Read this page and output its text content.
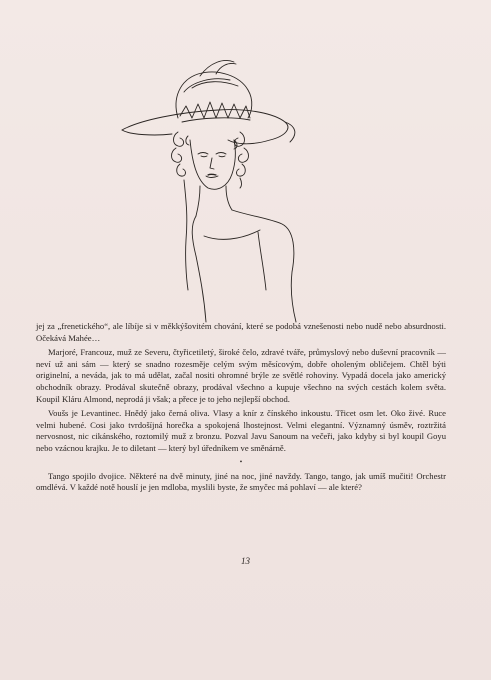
jej za „frenetického“, ale líbíje si v měkkýšovitém chování, které se podobá vznešenosti nebo nudě nebo absurdnosti. Očekává Mahée…

Marjoré, Francouz, muž ze Severu, čtyřicetiletý, široké čelo, zdravé tváře, průmyslový nebo duševní pracovník — neví už ani sám — který se snadno rozesměje celým svým měsícovým, dobře oholeným obličejem. Chtěl býti originelní, a neváda, jak to má udělat, začal nositi ohromné brýle ze světlé rohoviny. Vypadá docela jako americký obchodník obrazy. Prodával skutečně obrazy, prodával všechno a kupuje všechno na svých cestách kolem světa. Koupil Kláru Almond, neprodá ji však; a přece je to jeho nejlepší obchod.

Voušs je Levantinec. Hnědý jako černá oliva. Vlasy a knír z čínského inkoustu. Třicet osm let. Oko živé. Ruce velmi hubené. Cosi jako tvrdošíjná horečka a spokojená lhostejnost. Velmi elegantní. Významný úsměv, roztržitá nervosnost, nic cikánského, roztomilý muž z bronzu. Pozval Javu Sanoum na večeři, jako kdyby si byl koupil Goyu nebo vzácnou krajku. Je to diletant — který byl úředníkem ve směnárně.

•

Tango spojilo dvojice. Některé na dvě minuty, jiné na noc, jiné navždy. Tango, tango, jak umíš mučiti! Orchestr omdlévá. V každé notě houslí je jen mdloba, myslili byste, že smyčec má pohlaví — ale které?

13
